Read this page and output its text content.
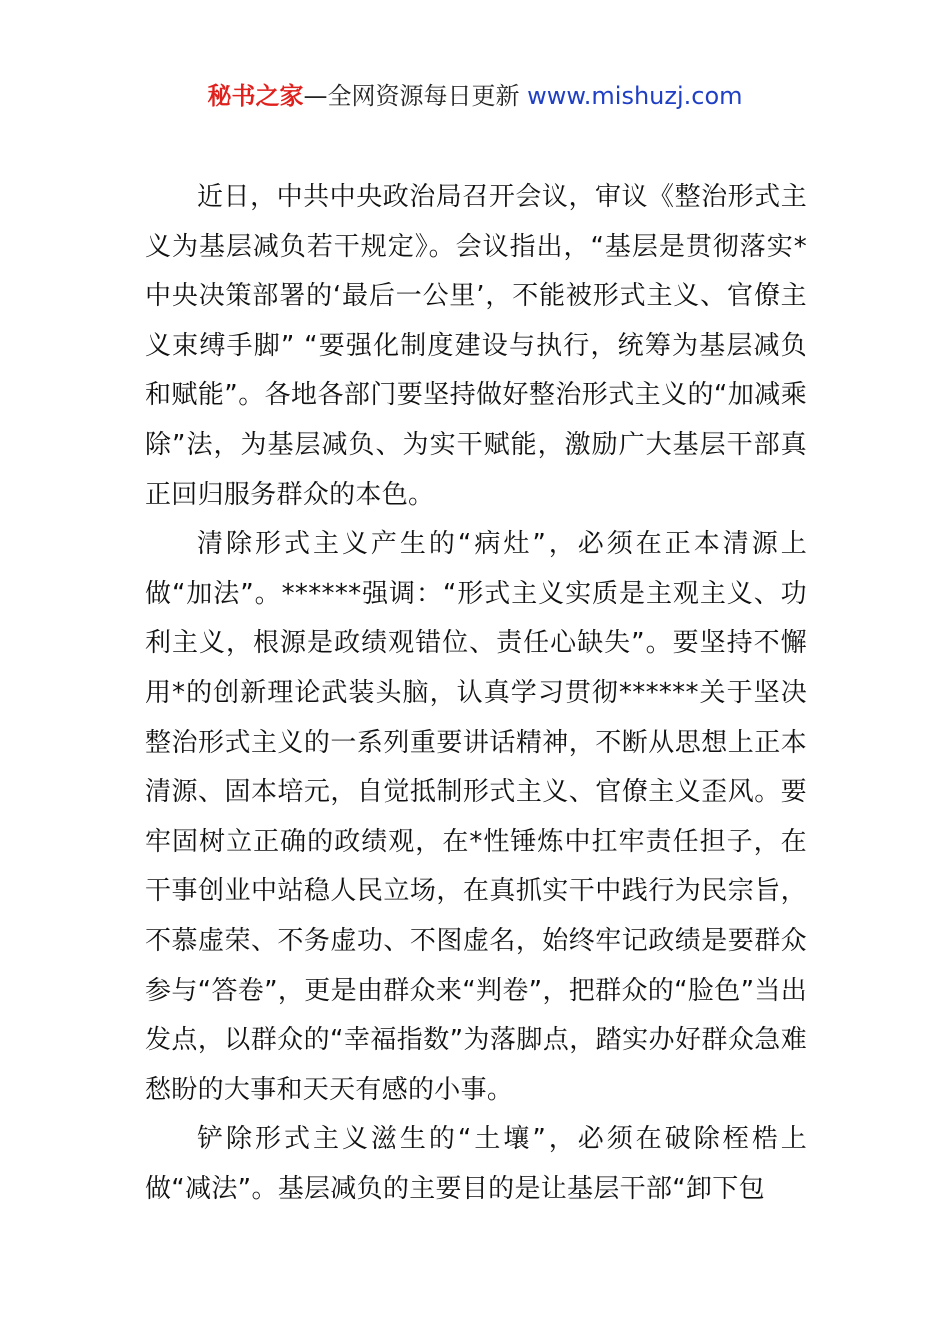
秘书之家—全网资源每日更新 www.mishuzj.com

近日，中共中央政治局召开会议，审议《整治形式主义为基层减负若干规定》。会议指出，“基层是贯彻落实*中央决策部署的‘最后一公里’，不能被形式主义、官僚主义束缚手脚” “要强化制度建设与执行，统筹为基层减负和赋能”。各地各部门要坚持做好整治形式主义的“加减乘除”法，为基层减负、为实干赋能，激励广大基层干部真正回归服务群众的本色。

清除形式主义产生的“病灶”，必须在正本清源上做“加法”。******强调：“形式主义实质是主观主义、功利主义，根源是政绩观错位、责任心缺失”。要坚持不懈用*的创新理论武装头脑，认真学习贯彻******关于坚决整治形式主义的一系列重要讲话精神，不断从思想上正本清源、固本培元，自觉抵制形式主义、官僚主义歪风。要牢固树立正确的政绩观，在*性锤炼中扛牢责任担子，在干事创业中站稳人民立场，在真抓实干中践行为民宗旨，不慕虚荣、不务虚功、不图虚名，始终牢记政绩是要群众参与“答卷”，更是由群众来“判卷”，把群众的“脸色”当出发点，以群众的“幸福指数”为落脚点，踏实办好群众急难愁盼的大事和天天有感的小事。

铲除形式主义滋生的“土壤”，必须在破除桎梏上做“减法”。基层减负的主要目的是让基层干部“卸下包
